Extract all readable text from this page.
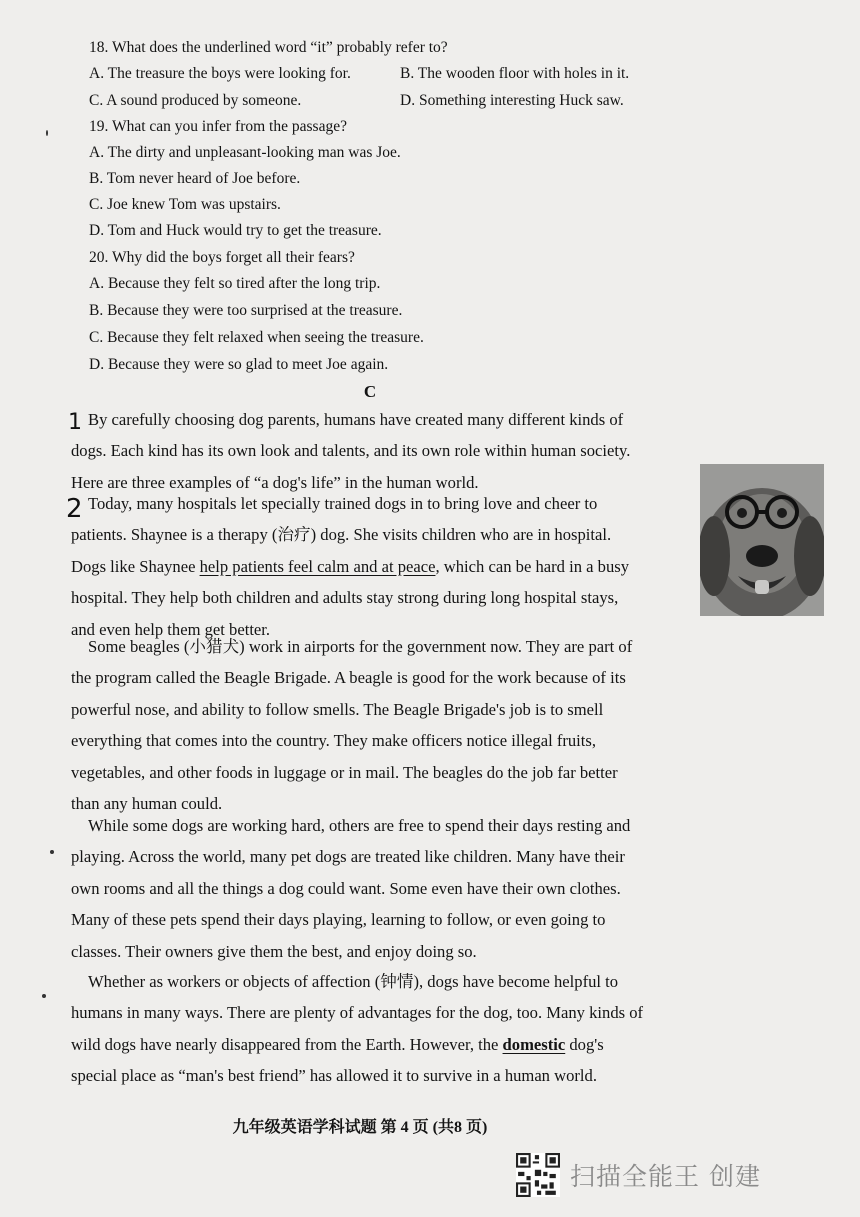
18. What does the underlined word “it” probably refer to?
A. The treasure the boys were looking for.	B. The wooden floor with holes in it.
C. A sound produced by someone.	D. Something interesting Huck saw.
19. What can you infer from the passage?
A. The dirty and unpleasant-looking man was Joe.
B. Tom never heard of Joe before.
C. Joe knew Tom was upstairs.
D. Tom and Huck would try to get the treasure.
20. Why did the boys forget all their fears?
A. Because they felt so tired after the long trip.
B. Because they were too surprised at the treasure.
C. Because they felt relaxed when seeing the treasure.
D. Because they were so glad to meet Joe again.
C
1
2
By carefully choosing dog parents, humans have created many different kinds of
dogs. Each kind has its own look and talents, and its own role within human society.
Here are three examples of “a dog's life” in the human world.
Today, many hospitals let specially trained dogs in to bring love and cheer to
patients. Shaynee is a therapy (治疗) dog. She visits children who are in hospital.
Dogs like Shaynee help patients feel calm and at peace, which can be hard in a busy
hospital. They help both children and adults stay strong during long hospital stays,
and even help them get better.
Some beagles (小猎犬) work in airports for the government now. They are part of
the program called the Beagle Brigade. A beagle is good for the work because of its
powerful nose, and ability to follow smells. The Beagle Brigade's job is to smell
everything that comes into the country. They make officers notice illegal fruits,
vegetables, and other foods in luggage or in mail. The beagles do the job far better
than any human could.
While some dogs are working hard, others are free to spend their days resting and
playing. Across the world, many pet dogs are treated like children. Many have their
own rooms and all the things a dog could want. Some even have their own clothes.
Many of these pets spend their days playing, learning to follow, or even going to
classes. Their owners give them the best, and enjoy doing so.
Whether as workers or objects of affection (钟情), dogs have become helpful to
humans in many ways. There are plenty of advantages for the dog, too. Many kinds of
wild dogs have nearly disappeared from the Earth. However, the domestic dog's
special place as “man's best friend” has allowed it to survive in a human world.
九年级英语学科试题 第 4 页 (共8 页)
扫描全能王 创建
